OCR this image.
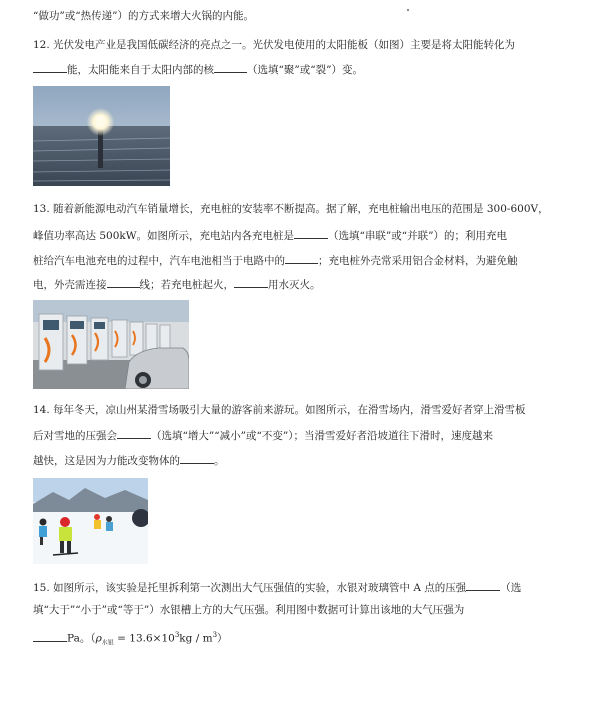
“做功”或“热传递”）的方式来增大火锅的内能。
12. 光伏发电产业是我国低碳经济的亮点之一。光伏发电使用的太阳能板（如图）主要是将太阳能转化为
能，太阳能来自于太阳内部的核	（选填“聚”或“裂”）变。
13. 随着新能源电动汽车销量增长，充电桩的安装率不断提高。据了解，充电桩输出电压的范围是 300-600V，
峰值功率高达 500kW。如图所示，充电站内各充电桩是	（选填“串联”或“并联”）的；利用充电
桩给汽车电池充电的过程中，汽车电池相当于电路中的	；充电桩外壳常采用铝合金材料，为避免触
电，外壳需连接	线；若充电桩起火，	用水灭火。
14. 每年冬天，凉山州某滑雪场吸引大量的游客前来游玩。如图所示，在滑雪场内，滑雪爱好者穿上滑雪板
后对雪地的压强会	（选填“增大”“减小”或“不变”）；当滑雪爱好者沿坡道往下滑时，速度越来
越快，这是因为力能改变物体的	。
15. 如图所示，该实验是托里拆利第一次测出大气压强值的实验，水银对玻璃管中 A 点的压强	（选
填“大于”“小于”或“等于”）水银槽上方的大气压强。利用图中数据可计算出该地的大气压强为
Pa。$(\rho_{水银} = 13.6\times 10^3kg / m^3)$
